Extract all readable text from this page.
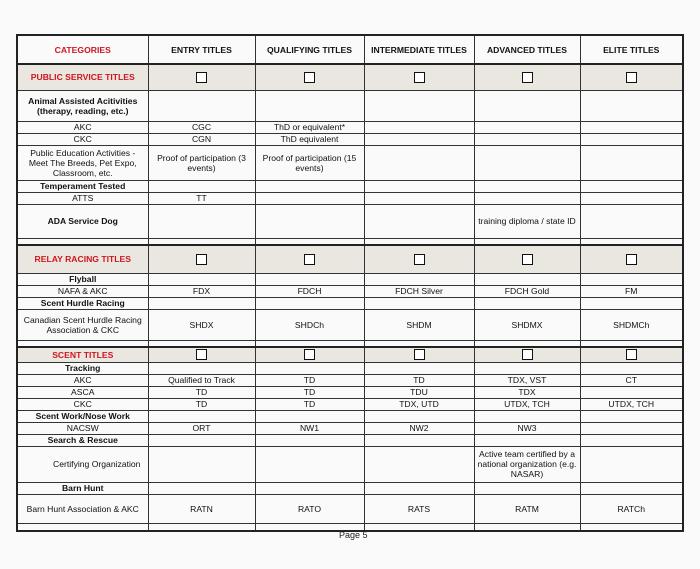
CATEGORIES	ENTRY TITLES	QUALIFYING TITLES	INTERMEDIATE TITLES	ADVANCED TITLES	ELITE TITLES
PUBLIC SERVICE TITLES					
Animal Assisted Acitivities (therapy, reading, etc.)					
AKC	CGC	ThD or equivalent*			
CKC	CGN	ThD equivalent			
Public Education Activities - Meet The Breeds, Pet Expo, Classroom, etc.	Proof of participation (3 events)	Proof of participation (15 events)			
Temperament Tested					
ATTS	TT				
ADA Service Dog				training diploma / state ID	

RELAY RACING TITLES					
Flyball					
NAFA & AKC	FDX	FDCH	FDCH Silver	FDCH Gold	FM
Scent Hurdle Racing					
Canadian Scent Hurdle Racing Association & CKC	SHDX	SHDCh	SHDM	SHDMX	SHDMCh

SCENT TITLES					
Tracking					
AKC	Qualified to Track	TD	TD	TDX, VST	CT
ASCA	TD	TD	TDU	TDX	
CKC	TD	TD	TDX, UTD	UTDX, TCH	UTDX, TCH
Scent Work/Nose Work					
NACSW	ORT	NW1	NW2	NW3	
Search & Rescue					
Certifying Organization				Active team certified by a national organization (e.g. NASAR)	
Barn Hunt					
Barn Hunt Association & AKC	RATN	RATO	RATS	RATM	RATCh

Page 5
